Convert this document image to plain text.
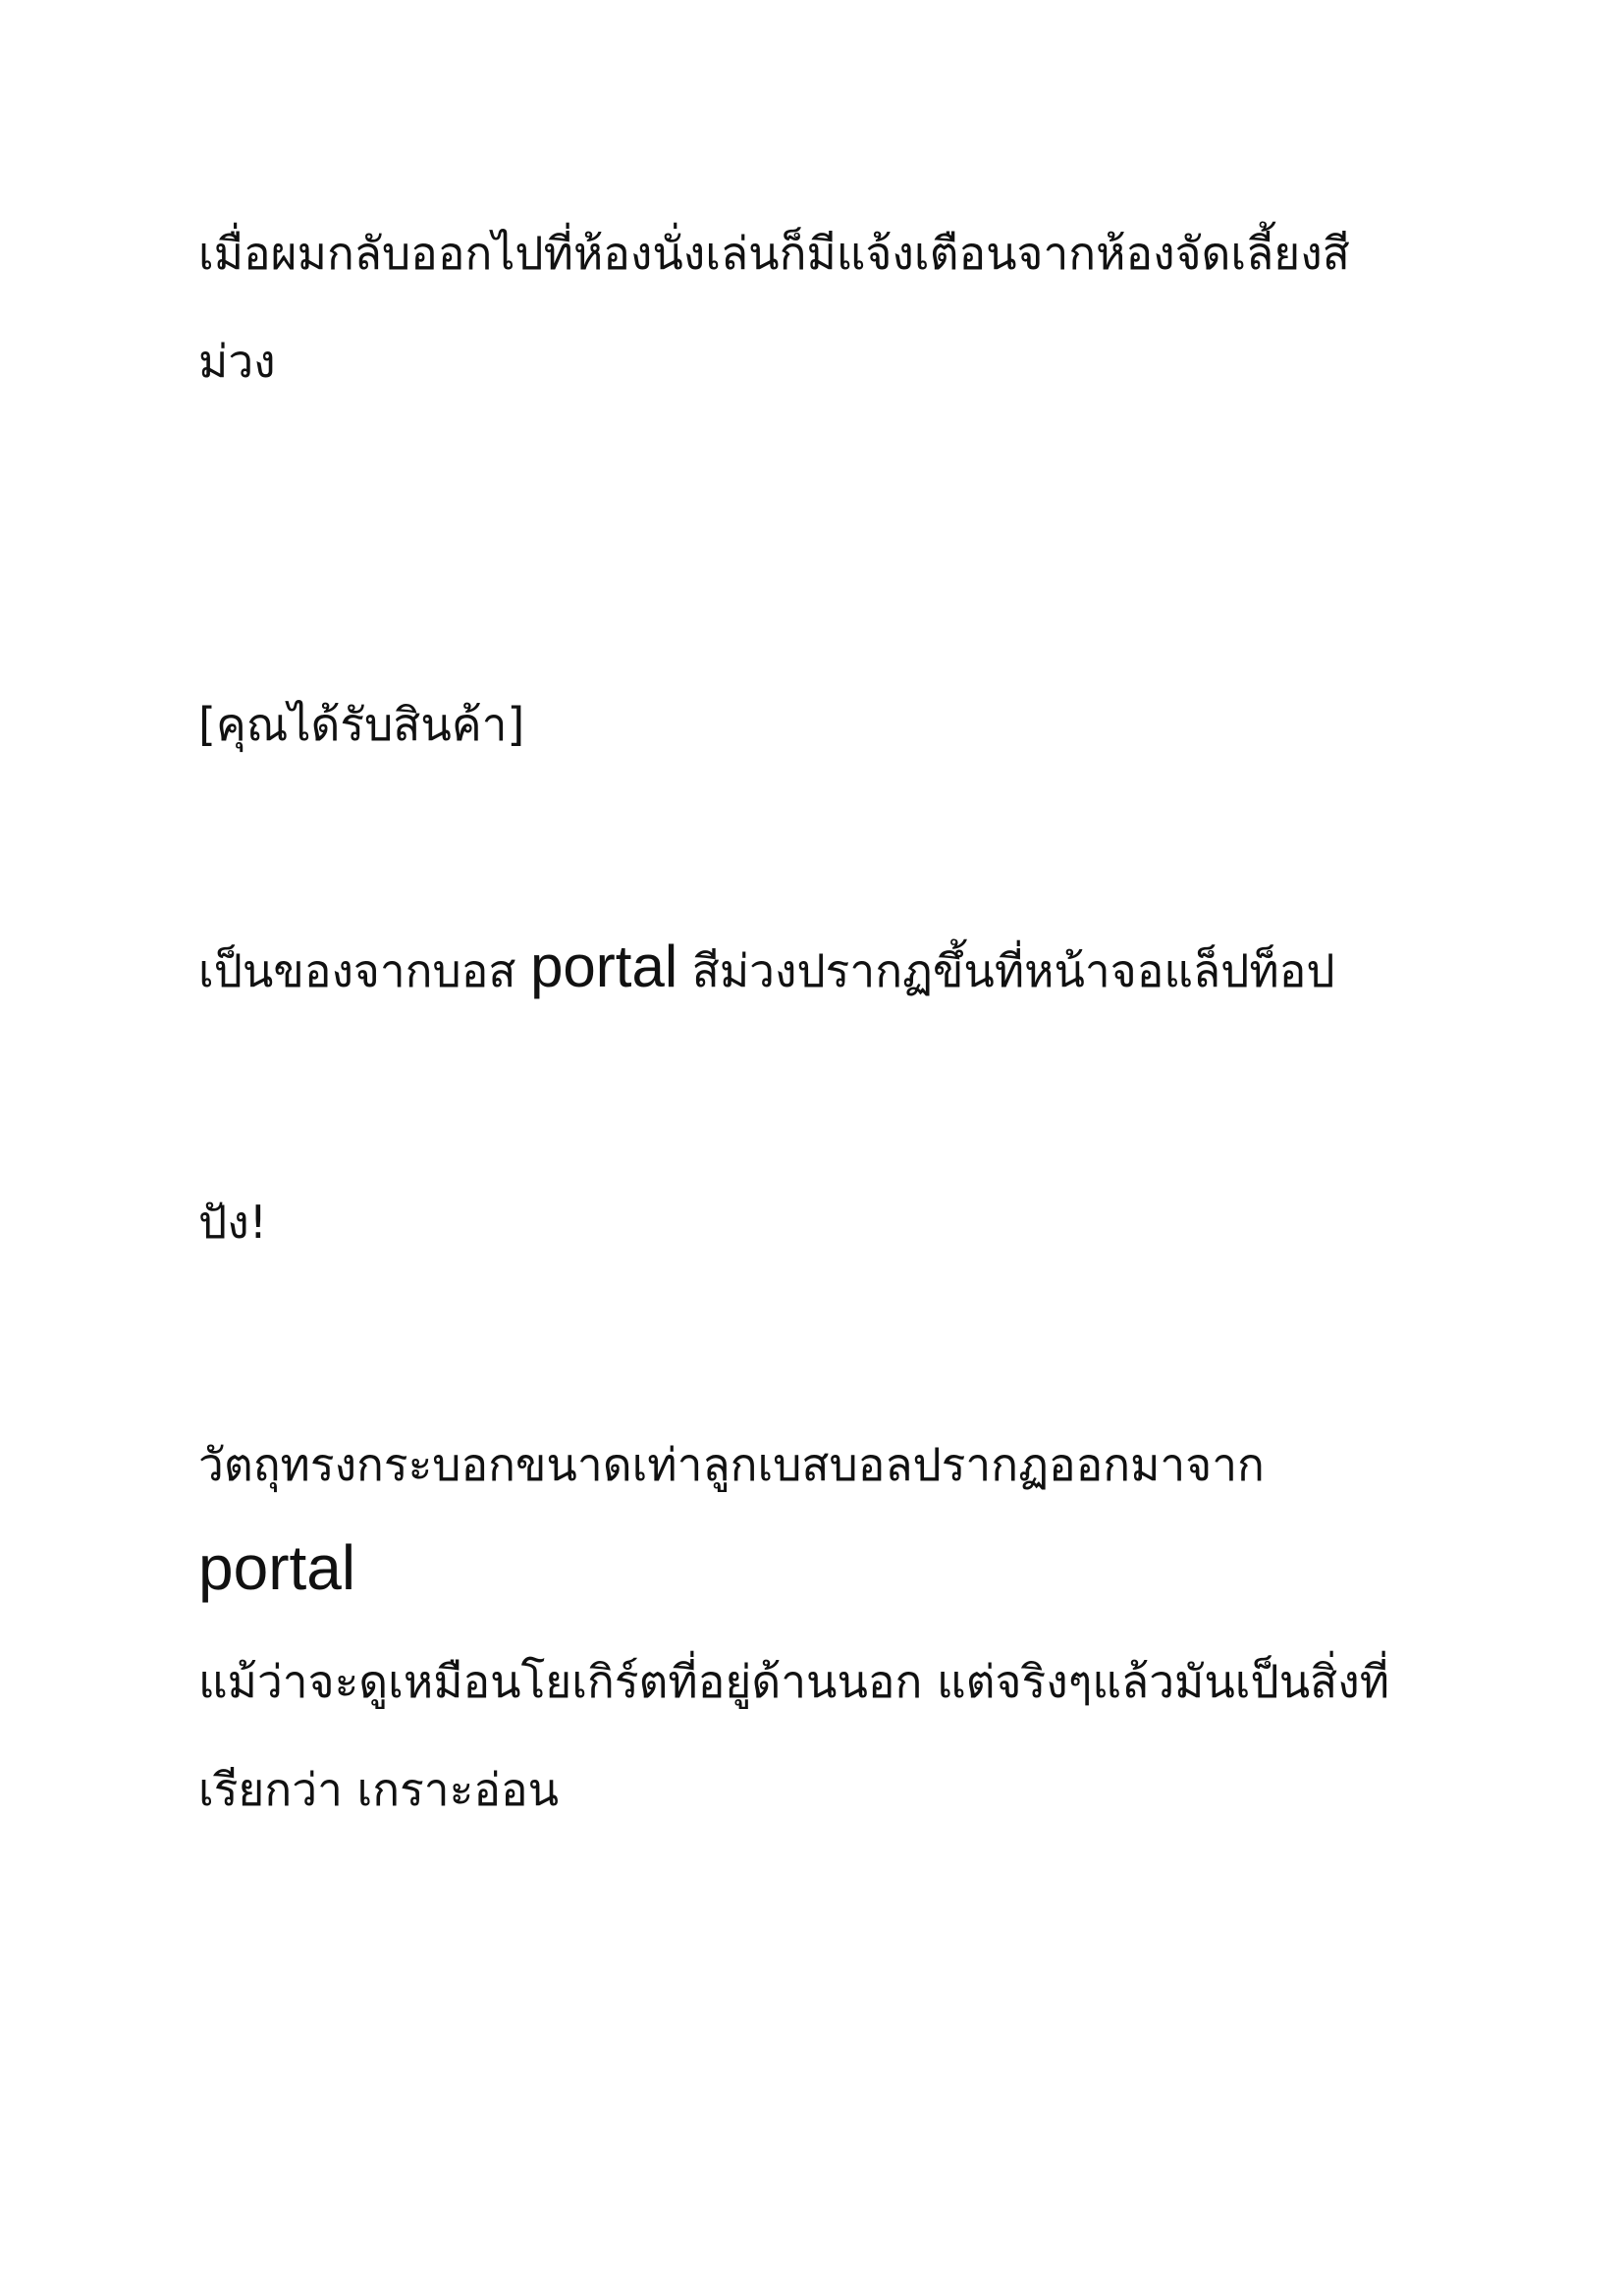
เมื่อผมกลับออกไปที่ห้องนั่งเล่นก็มีแจ้งเตือนจากห้องจัดเลี้ยงสี
ม่วง
[คุณได้รับสินค้า]
เป็นของจากบอส portal สีม่วงปรากฏขึ้นที่หน้าจอแล็ปท็อป
ปัง!
วัตถุทรงกระบอกขนาดเท่าลูกเบสบอลปรากฏออกมาจาก
portal
แม้ว่าจะดูเหมือนโยเกิร์ตที่อยู่ด้านนอก แต่จริงๆแล้วมันเป็นสิ่งที่
เรียกว่า เกราะอ่อน
